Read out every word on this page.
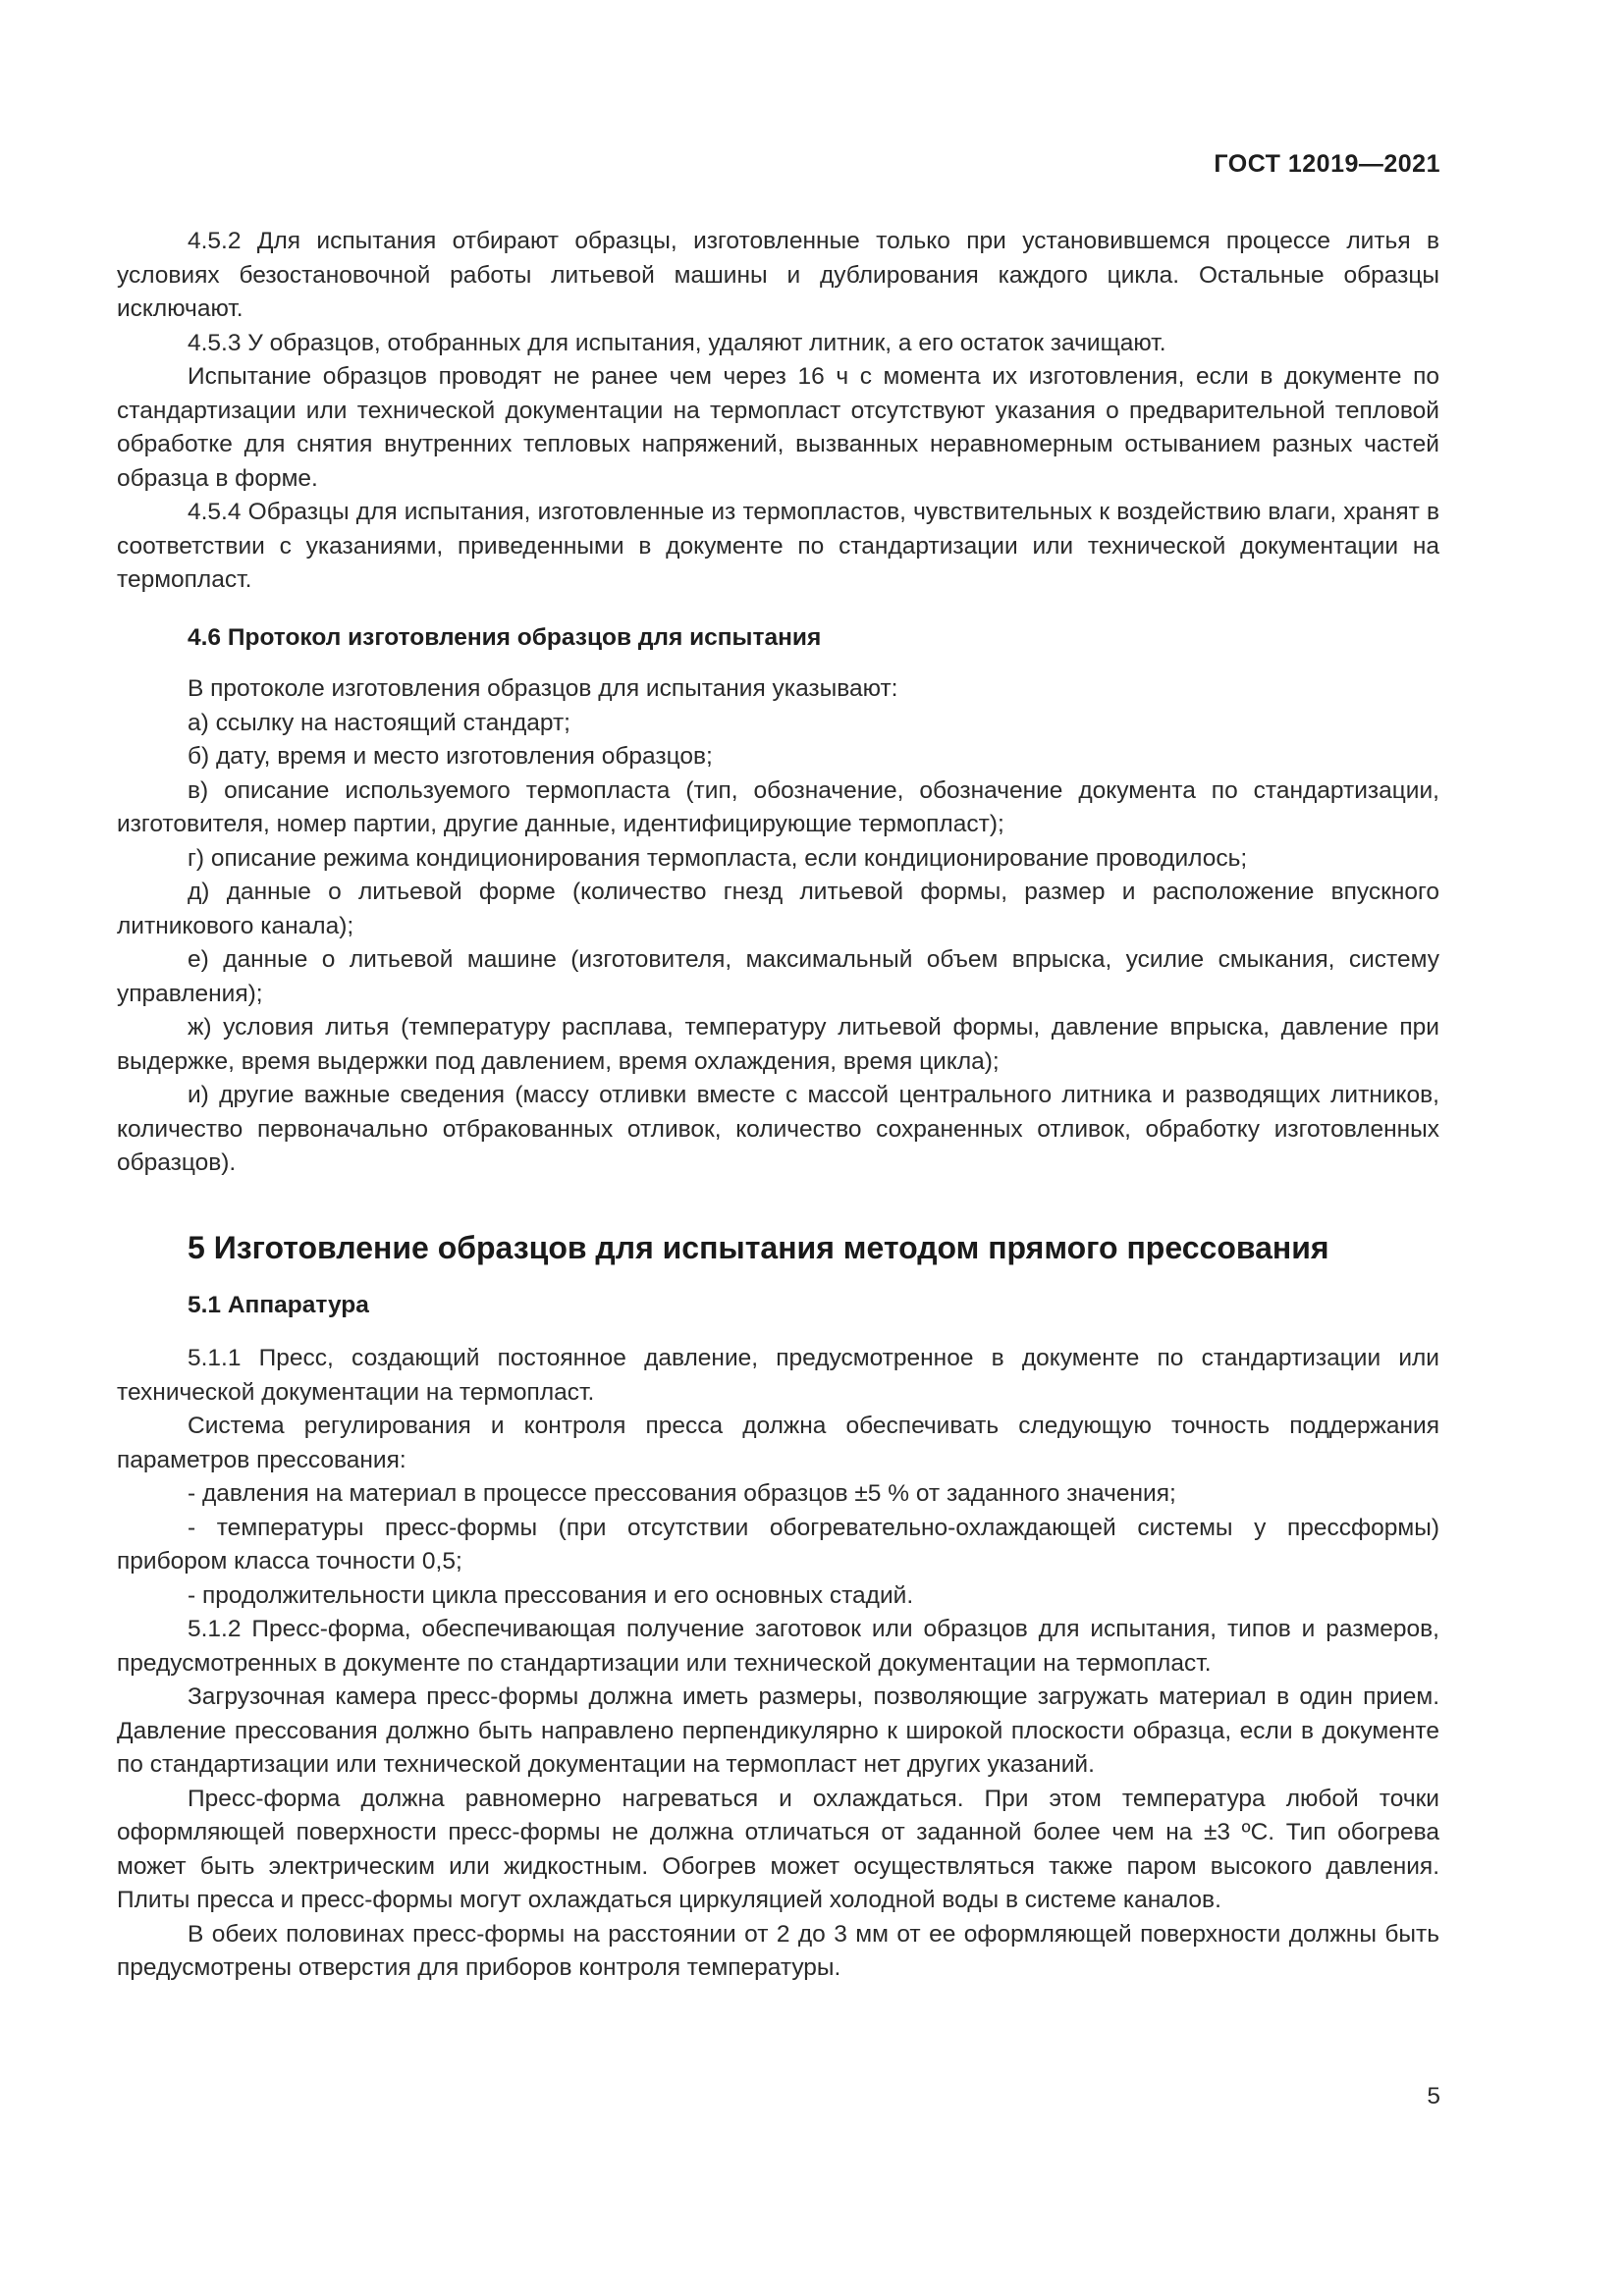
ГОСТ 12019—2021

4.5.2 Для испытания отбирают образцы, изготовленные только при установившемся процессе литья в условиях безостановочной работы литьевой машины и дублирования каждого цикла. Остальные образцы исключают.

4.5.3 У образцов, отобранных для испытания, удаляют литник, а его остаток зачищают.

Испытание образцов проводят не ранее чем через 16 ч с момента их изготовления, если в документе по стандартизации или технической документации на термопласт отсутствуют указания о предварительной тепловой обработке для снятия внутренних тепловых напряжений, вызванных неравномерным остыванием разных частей образца в форме.

4.5.4 Образцы для испытания, изготовленные из термопластов, чувствительных к воздействию влаги, хранят в соответствии с указаниями, приведенными в документе по стандартизации или технической документации на термопласт.

4.6 Протокол изготовления образцов для испытания

В протоколе изготовления образцов для испытания указывают:

а) ссылку на настоящий стандарт;

б) дату, время и место изготовления образцов;

в) описание используемого термопласта (тип, обозначение, обозначение документа по стандартизации, изготовителя, номер партии, другие данные, идентифицирующие термопласт);

г) описание режима кондиционирования термопласта, если кондиционирование проводилось;

д) данные о литьевой форме (количество гнезд литьевой формы, размер и расположение впускного литникового канала);

е) данные о литьевой машине (изготовителя, максимальный объем впрыска, усилие смыкания, систему управления);

ж) условия литья (температуру расплава, температуру литьевой формы, давление впрыска, давление при выдержке, время выдержки под давлением, время охлаждения, время цикла);

и) другие важные сведения (массу отливки вместе с массой центрального литника и разводящих литников, количество первоначально отбракованных отливок, количество сохраненных отливок, обработку изготовленных образцов).

5 Изготовление образцов для испытания методом прямого прессования
5.1 Аппаратура

5.1.1 Пресс, создающий постоянное давление, предусмотренное в документе по стандартизации или технической документации на термопласт.

Система регулирования и контроля пресса должна обеспечивать следующую точность поддержания параметров прессования:

- давления на материал в процессе прессования образцов ±5 % от заданного значения;

- температуры пресс-формы (при отсутствии обогревательно-охлаждающей системы у прессформы) прибором класса точности 0,5;

- продолжительности цикла прессования и его основных стадий.

5.1.2 Пресс-форма, обеспечивающая получение заготовок или образцов для испытания, типов и размеров, предусмотренных в документе по стандартизации или технической документации на термопласт.

Загрузочная камера пресс-формы должна иметь размеры, позволяющие загружать материал в один прием. Давление прессования должно быть направлено перпендикулярно к широкой плоскости образца, если в документе по стандартизации или технической документации на термопласт нет других указаний.

Пресс-форма должна равномерно нагреваться и охлаждаться. При этом температура любой точки оформляющей поверхности пресс-формы не должна отличаться от заданной более чем на ±3 ºС. Тип обогрева может быть электрическим или жидкостным. Обогрев может осуществляться также паром высокого давления. Плиты пресса и пресс-формы могут охлаждаться циркуляцией холодной воды в системе каналов.

В обеих половинах пресс-формы на расстоянии от 2 до 3 мм от ее оформляющей поверхности должны быть предусмотрены отверстия для приборов контроля температуры.

5
